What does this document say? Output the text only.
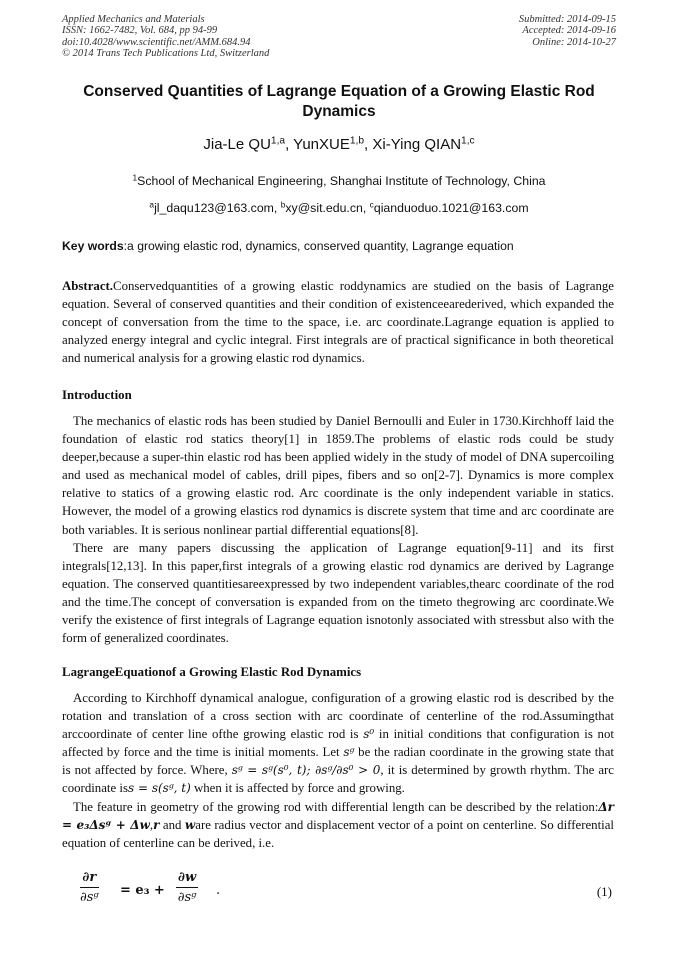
Applied Mechanics and Materials
ISSN: 1662-7482, Vol. 684, pp 94-99
doi:10.4028/www.scientific.net/AMM.684.94
© 2014 Trans Tech Publications Ltd, Switzerland
Submitted: 2014-09-15
Accepted: 2014-09-16
Online: 2014-10-27
Conserved Quantities of Lagrange Equation of a Growing Elastic Rod Dynamics
Jia-Le QU$^{1,a}$, YunXUE$^{1,b}$, Xi-Ying QIAN$^{1,c}$
$^1$School of Mechanical Engineering, Shanghai Institute of Technology, China
$^a$jl_daqu123@163.com, $^b$xy@sit.edu.cn, $^c$qianduoduo.1021@163.com
Key words:a growing elastic rod, dynamics, conserved quantity, Lagrange equation

Abstract.Conservedquantities of a growing elastic roddynamics are studied on the basis of Lagrange equation. Several of conserved quantities and their condition of existenceearederived, which expanded the concept of conversation from the time to the space, i.e. arc coordinate.Lagrange equation is applied to analyzed energy integral and cyclic integral. First integrals are of practical significance in both theoretical and numerical analysis for a growing elastic rod dynamics.

Introduction

The mechanics of elastic rods has been studied by Daniel Bernoulli and Euler in 1730.Kirchhoff laid the foundation of elastic rod statics theory[1] in 1859.The problems of elastic rods could be study deeper,because a super-thin elastic rod has been applied widely in the study of model of DNA supercoiling and used as mechanical model of cables, drill pipes, fibers and so on[2-7]. Dynamics is more complex relative to statics of a growing elastic rod. Arc coordinate is the only independent variable in statics. However, the model of a growing elastics rod dynamics is discrete system that time and arc coordinate are both variables. It is serious nonlinear partial differential equations[8].

There are many papers discussing the application of Lagrange equation[9-11] and its first integrals[12,13]. In this paper,first integrals of a growing elastic rod dynamics are derived by Lagrange equation. The conserved quantitiesareexpressed by two independent variables,thearc coordinate of the rod and the time.The concept of conversation is expanded from on the timeto thegrowing arc coordinate.We verify the existence of first integrals of Lagrange equation isnotonly associated with stressbut also with the form of generalized coordinates.

LagrangeEquationof a Growing Elastic Rod Dynamics

According to Kirchhoff dynamical analogue, configuration of a growing elastic rod is described by the rotation and translation of a cross section with arc coordinate of centerline of the rod.Assumingthat arccoordinate of center line ofthe growing elastic rod is s⁰ in initial conditions that configuration is not affected by force and the time is initial moments. Let sᵍ be the radian coordinate in the growing state that is not affected by force. Where, sᵍ = sᵍ(s⁰, t); ∂sᵍ/∂s⁰ > 0, it is determined by growth rhythm. The arc coordinate iss = s(sᵍ, t) when it is affected by force and growing.

The feature in geometry of the growing rod with differential length can be described by the relation:Δr = e₃Δsᵍ + Δw,r and ware radius vector and displacement vector of a point on centerline. So differential equation of centerline can be derived, i.e.

$\frac{\partial r}{\text{∂sᵍ}} = e_3 + \frac{\partial w}{\text{∂sᵍ}}$ .	(1)
